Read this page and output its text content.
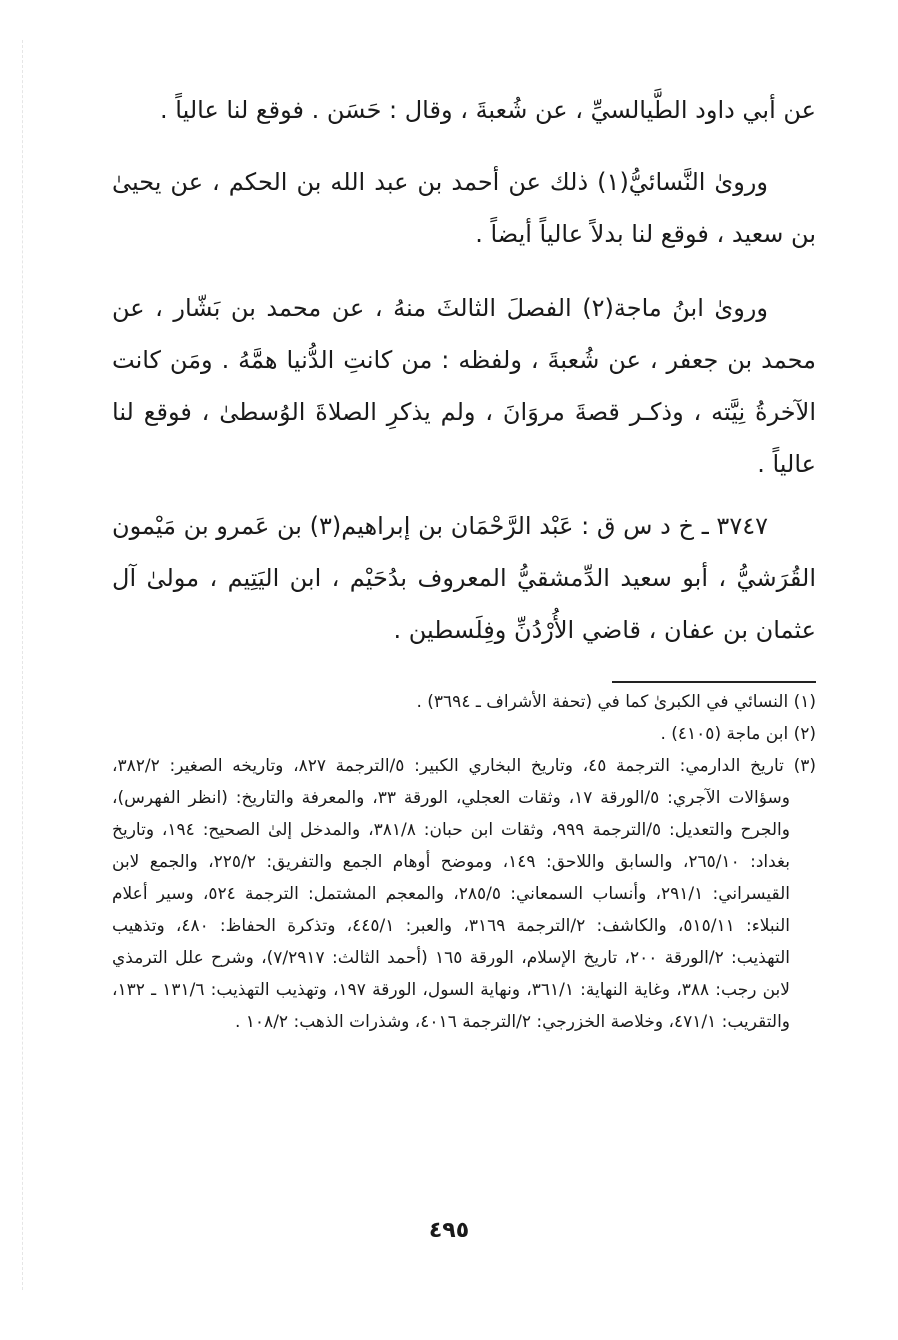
عن أبي داود الطَّيالسيِّ ، عن شُعبةَ ، وقال : حَسَن . فوقع لنا عالياً .

ورویٰ النَّسائيُّ(١) ذلك عن أحمد بن عبد الله بن الحكم ، عن يحيیٰ بن سعيد ، فوقع لنا بدلاً عالياً أيضاً .

ورویٰ ابنُ ماجة(٢) الفصلَ الثالثَ منهُ ، عن محمد بن بَشّار ، عن محمد بن جعفر ، عن شُعبةَ ، ولفظه : من كانتِ الدُّنيا همَّهُ . ومَن كانت الآخرةُ نِيَّته ، وذكـر قصةَ مروَانَ ، ولم يذكرِ الصلاةَ الوُسطیٰ ، فوقع لنا عالياً .

٣٧٤٧ ـ خ د س ق : عَبْد الرَّحْمَان بن إبراهيم(٣) بن عَمرو بن مَيْمون القُرَشيُّ ، أبو سعيد الدِّمشقيُّ المعروف بدُحَيْم ، ابن اليَتِيم ، مولیٰ آل عثمان بن عفان ، قاضي الأُرْدُنِّ وفِلَسطين .

(١) النسائي في الكبریٰ كما في (تحفة الأشراف ـ ٣٦٩٤) .

(٢) ابن ماجة (٤١٠٥) .

(٣) تاريخ الدارمي: الترجمة ٤٥، وتاريخ البخاري الكبير: ٥/الترجمة ٨٢٧، وتاريخه الصغير: ٣٨٢/٢، وسؤالات الآجري: ٥/الورقة ١٧، وثقات العجلي، الورقة ٣٣، والمعرفة والتاريخ: (انظر الفهرس)، والجرح والتعديل: ٥/الترجمة ٩٩٩، وثقات ابن حبان: ٣٨١/٨، والمدخل إلیٰ الصحيح: ١٩٤، وتاريخ بغداد: ٢٦٥/١٠، والسابق واللاحق: ١٤٩، وموضح أوهام الجمع والتفريق: ٢٢٥/٢، والجمع لابن القيسراني: ٢٩١/١، وأنساب السمعاني: ٢٨٥/٥، والمعجم المشتمل: الترجمة ٥٢٤، وسير أعلام النبلاء: ٥١٥/١١، والكاشف: ٢/الترجمة ٣١٦٩، والعبر: ٤٤٥/١، وتذكرة الحفاظ: ٤٨٠، وتذهيب التهذيب: ٢/الورقة ٢٠٠، تاريخ الإسلام، الورقة ١٦٥ (أحمد الثالث: ٧/٢٩١٧)، وشرح علل الترمذي لابن رجب: ٣٨٨، وغاية النهاية: ٣٦١/١، ونهاية السول، الورقة ١٩٧، وتهذيب التهذيب: ١٣١/٦ ـ ١٣٢، والتقريب: ٤٧١/١، وخلاصة الخزرجي: ٢/الترجمة ٤٠١٦، وشذرات الذهب: ١٠٨/٢ .

٤٩٥
